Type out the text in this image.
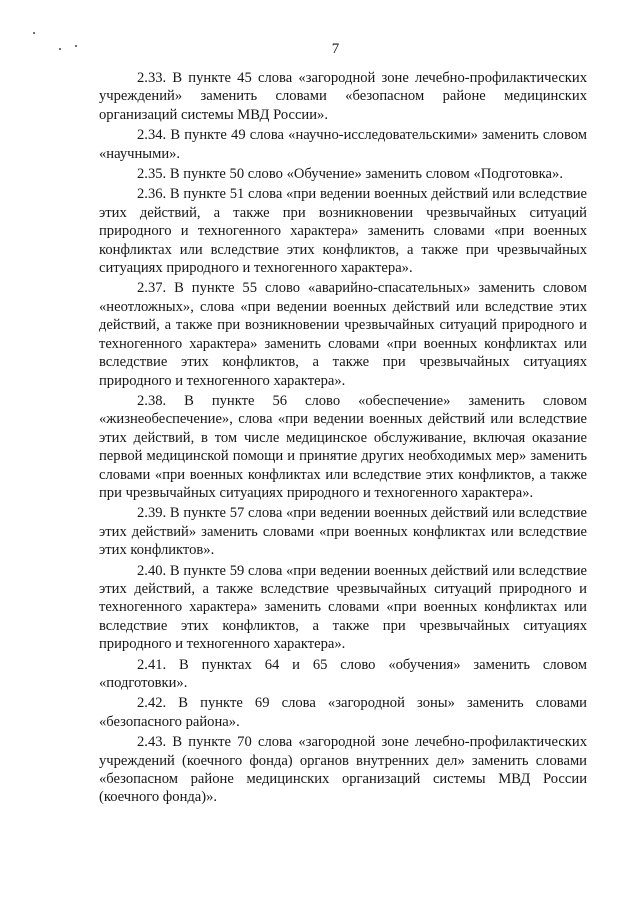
7

2.33. В пункте 45 слова «загородной зоне лечебно-профилактических учреждений» заменить словами «безопасном районе медицинских организаций системы МВД России».

2.34. В пункте 49 слова «научно-исследовательскими» заменить словом «научными».

2.35. В пункте 50 слово «Обучение» заменить словом «Подготовка».

2.36. В пункте 51 слова «при ведении военных действий или вследствие этих действий, а также при возникновении чрезвычайных ситуаций природного и техногенного характера» заменить словами «при военных конфликтах или вследствие этих конфликтов, а также при чрезвычайных ситуациях природного и техногенного характера».

2.37. В пункте 55 слово «аварийно-спасательных» заменить словом «неотложных», слова «при ведении военных действий или вследствие этих действий, а также при возникновении чрезвычайных ситуаций природного и техногенного характера» заменить словами «при военных конфликтах или вследствие этих конфликтов, а также при чрезвычайных ситуациях природного и техногенного характера».

2.38. В пункте 56 слово «обеспечение» заменить словом «жизнеобеспечение», слова «при ведении военных действий или вследствие этих действий, в том числе медицинское обслуживание, включая оказание первой медицинской помощи и принятие других необходимых мер» заменить словами «при военных конфликтах или вследствие этих конфликтов, а также при чрезвычайных ситуациях природного и техногенного характера».

2.39. В пункте 57 слова «при ведении военных действий или вследствие этих действий» заменить словами «при военных конфликтах или вследствие этих конфликтов».

2.40. В пункте 59 слова «при ведении военных действий или вследствие этих действий, а также вследствие чрезвычайных ситуаций природного и техногенного характера» заменить словами «при военных конфликтах или вследствие этих конфликтов, а также при чрезвычайных ситуациях природного и техногенного характера».

2.41. В пунктах 64 и 65 слово «обучения» заменить словом «подготовки».

2.42. В пункте 69 слова «загородной зоны» заменить словами «безопасного района».

2.43. В пункте 70 слова «загородной зоне лечебно-профилактических учреждений (коечного фонда) органов внутренних дел» заменить словами «безопасном районе медицинских организаций системы МВД России (коечного фонда)».
